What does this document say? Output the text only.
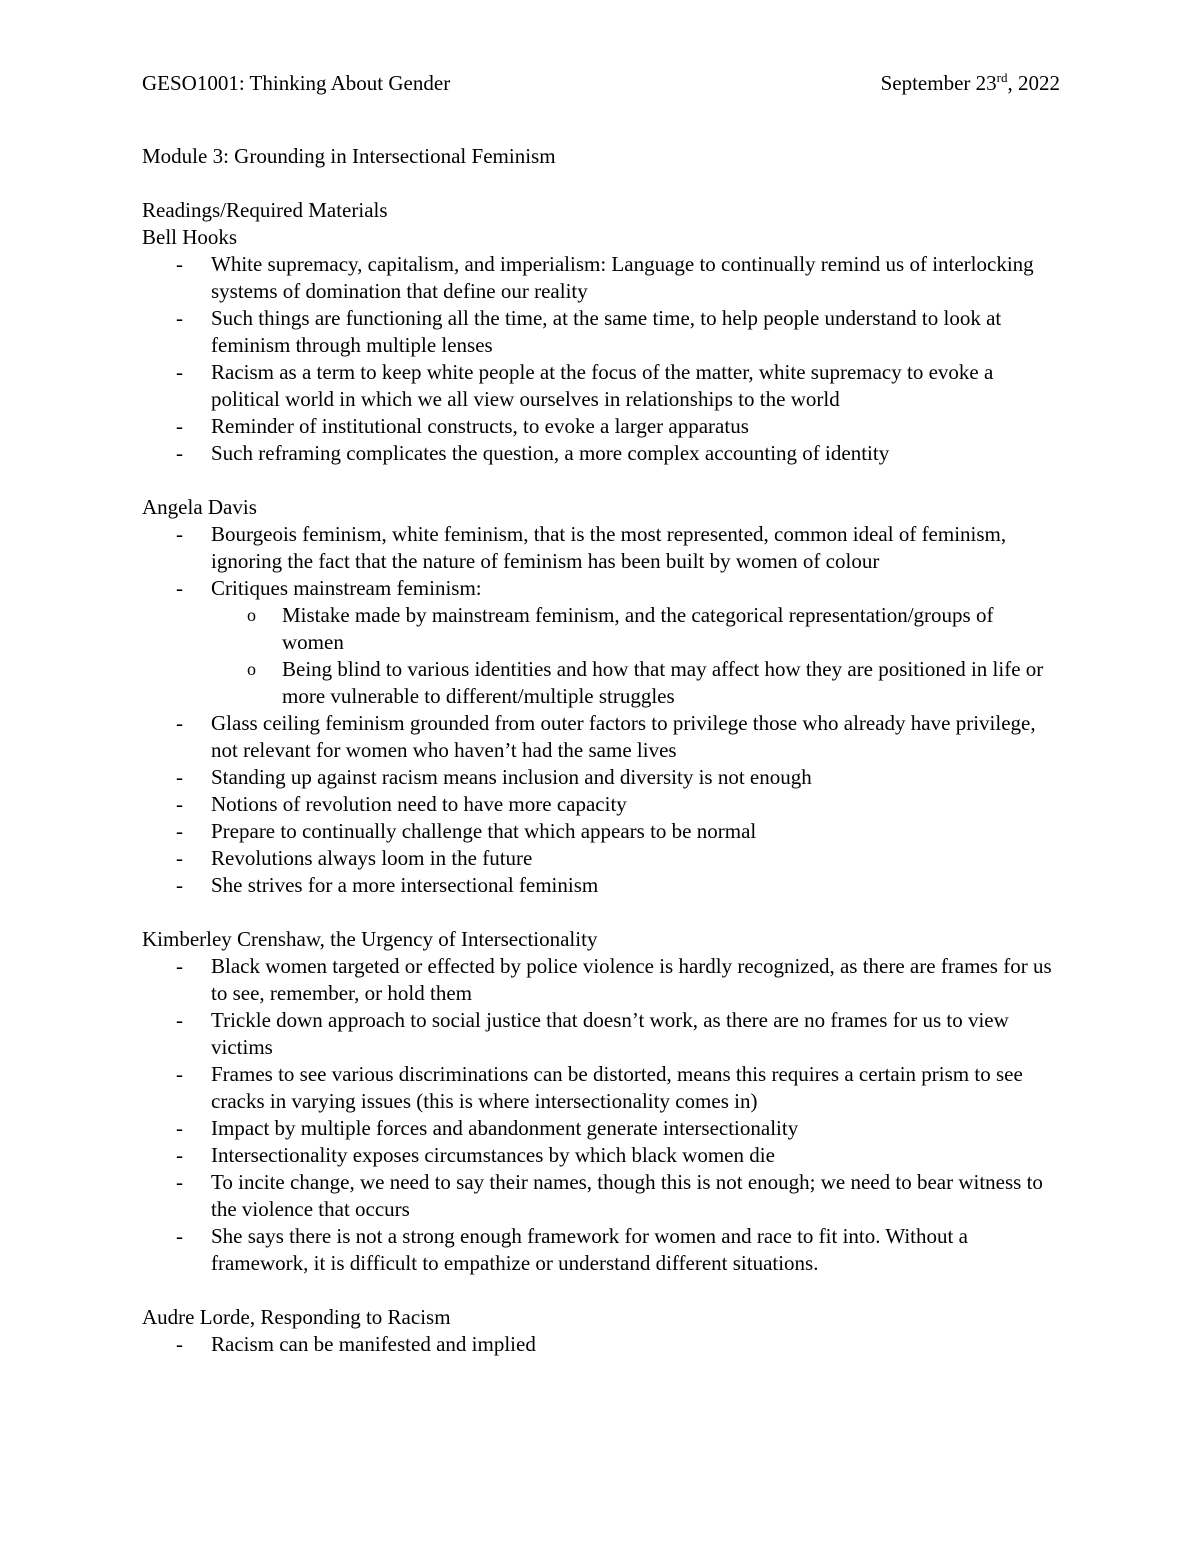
GESO1001: Thinking About Gender	September 23rd, 2022
Module 3: Grounding in Intersectional Feminism
Readings/Required Materials
Bell Hooks
- White supremacy, capitalism, and imperialism: Language to continually remind us of interlocking systems of domination that define our reality
- Such things are functioning all the time, at the same time, to help people understand to look at feminism through multiple lenses
- Racism as a term to keep white people at the focus of the matter, white supremacy to evoke a political world in which we all view ourselves in relationships to the world
- Reminder of institutional constructs, to evoke a larger apparatus
- Such reframing complicates the question, a more complex accounting of identity
Angela Davis
- Bourgeois feminism, white feminism, that is the most represented, common ideal of feminism, ignoring the fact that the nature of feminism has been built by women of colour
- Critiques mainstream feminism:
o Mistake made by mainstream feminism, and the categorical representation/groups of women
o Being blind to various identities and how that may affect how they are positioned in life or more vulnerable to different/multiple struggles
- Glass ceiling feminism grounded from outer factors to privilege those who already have privilege, not relevant for women who haven’t had the same lives
- Standing up against racism means inclusion and diversity is not enough
- Notions of revolution need to have more capacity
- Prepare to continually challenge that which appears to be normal
- Revolutions always loom in the future
- She strives for a more intersectional feminism
Kimberley Crenshaw, the Urgency of Intersectionality
- Black women targeted or effected by police violence is hardly recognized, as there are frames for us to see, remember, or hold them
- Trickle down approach to social justice that doesn’t work, as there are no frames for us to view victims
- Frames to see various discriminations can be distorted, means this requires a certain prism to see cracks in varying issues (this is where intersectionality comes in)
- Impact by multiple forces and abandonment generate intersectionality
- Intersectionality exposes circumstances by which black women die
- To incite change, we need to say their names, though this is not enough; we need to bear witness to the violence that occurs
- She says there is not a strong enough framework for women and race to fit into. Without a framework, it is difficult to empathize or understand different situations.
Audre Lorde, Responding to Racism
- Racism can be manifested and implied
